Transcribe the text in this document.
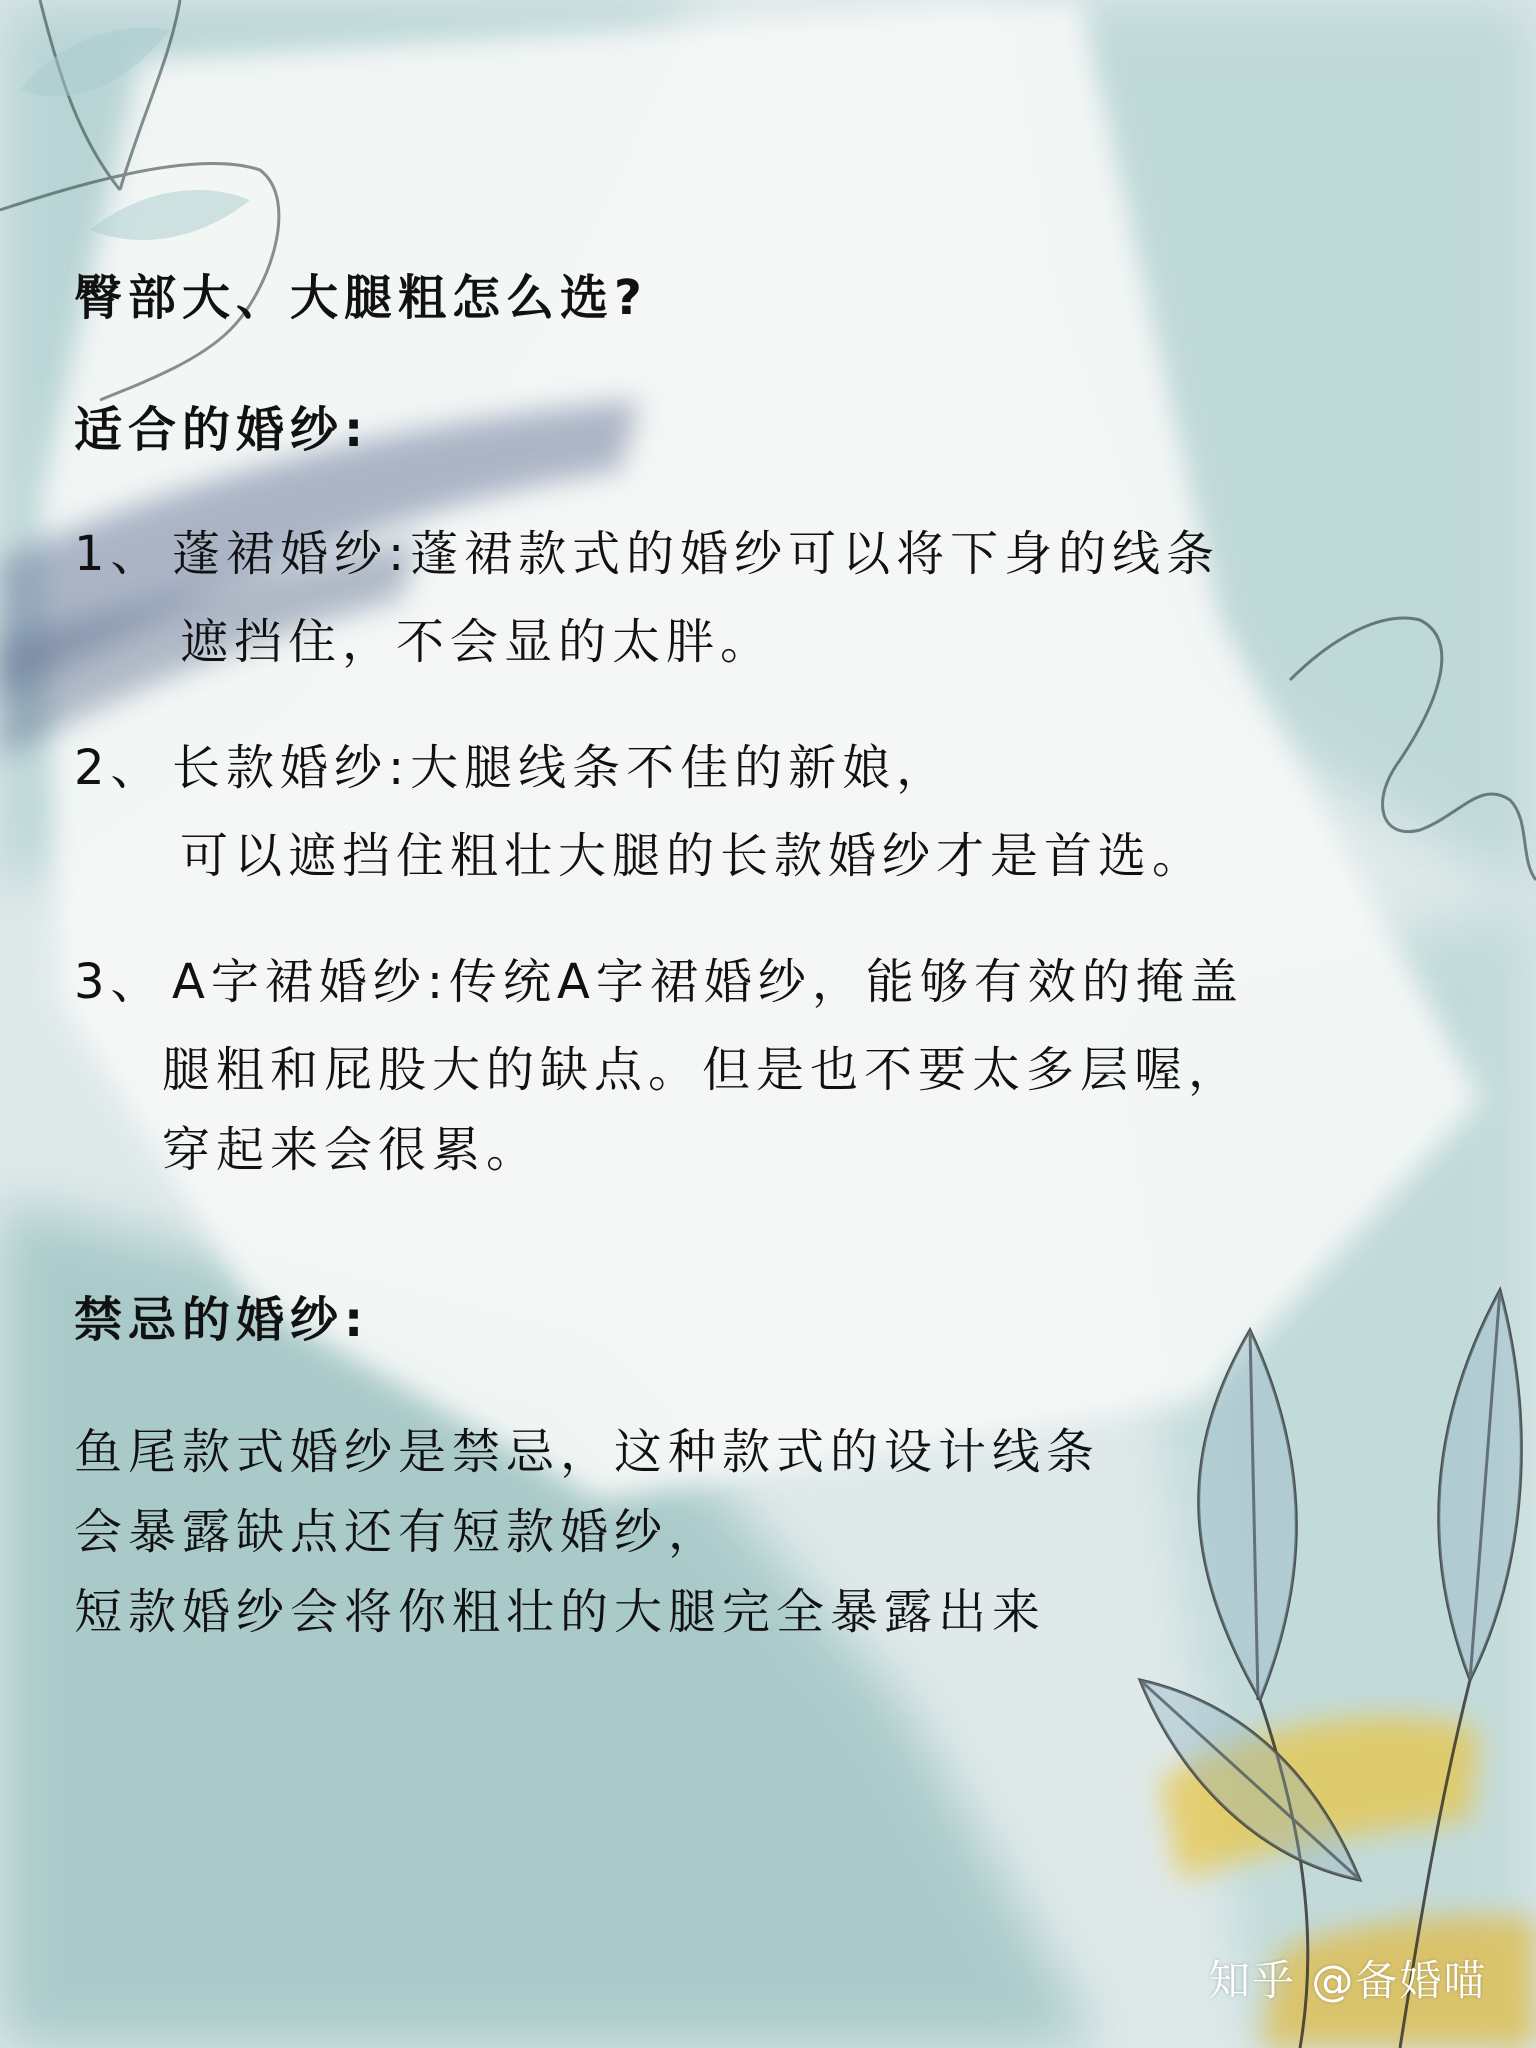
臀部大、大腿粗怎么选?
适合的婚纱:
1、 蓬裙婚纱:蓬裙款式的婚纱可以将下身的线条
遮挡住，不会显的太胖。
2、 长款婚纱:大腿线条不佳的新娘，
可以遮挡住粗壮大腿的长款婚纱才是首选。
3、 A字裙婚纱:传统A字裙婚纱，能够有效的掩盖
腿粗和屁股大的缺点。但是也不要太多层喔，
穿起来会很累。
禁忌的婚纱:
鱼尾款式婚纱是禁忌，这种款式的设计线条
会暴露缺点还有短款婚纱，
短款婚纱会将你粗壮的大腿完全暴露出来
知乎 @备婚喵
